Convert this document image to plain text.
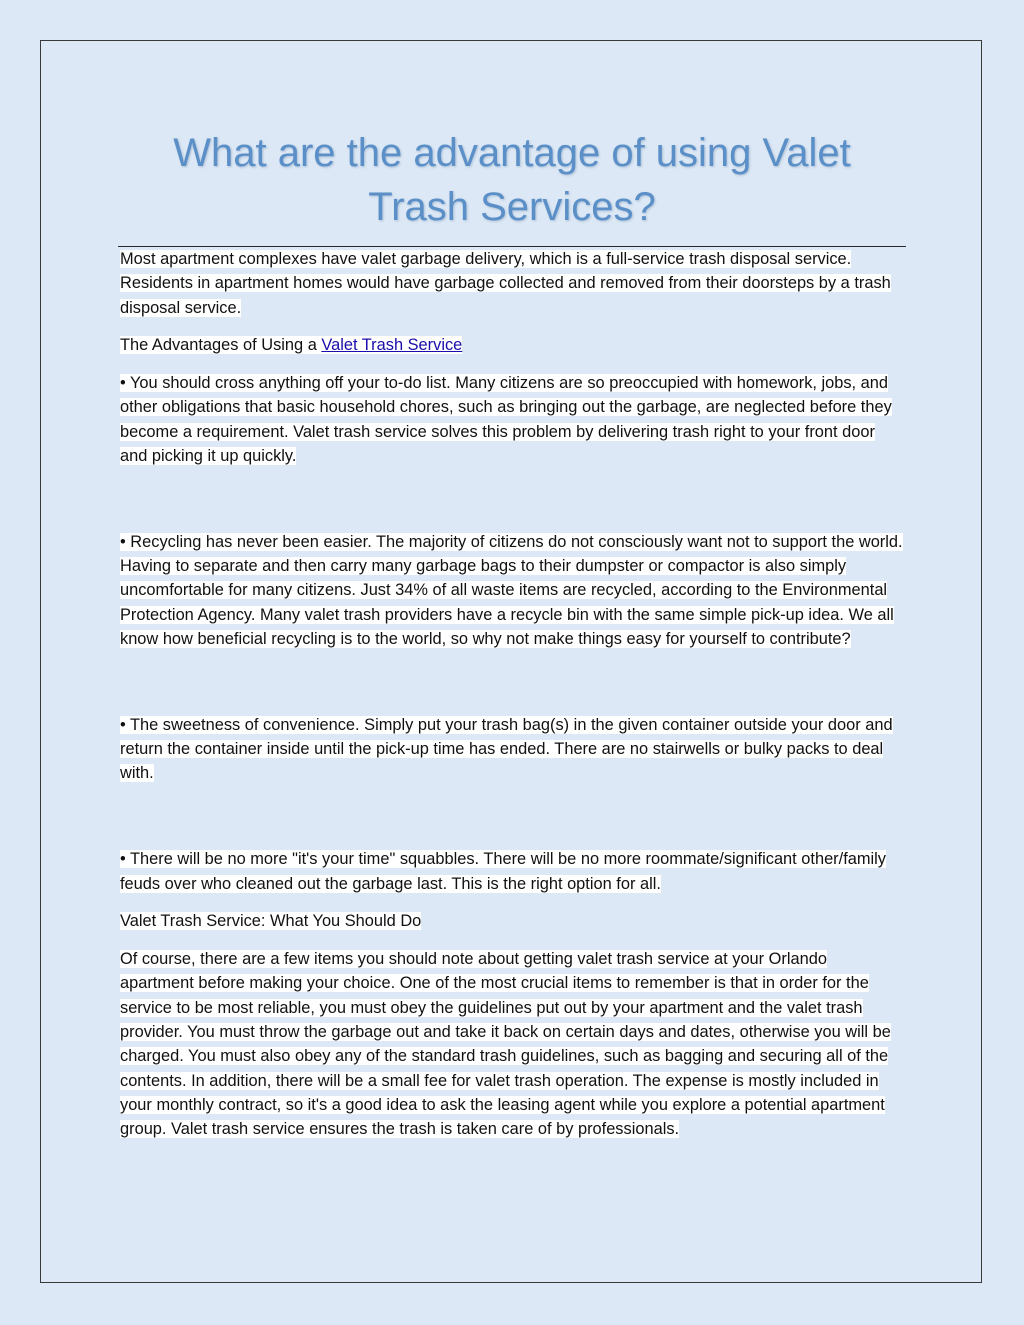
What are the advantage of using Valet Trash Services?

Most apartment complexes have valet garbage delivery, which is a full-service trash disposal service. Residents in apartment homes would have garbage collected and removed from their doorsteps by a trash disposal service.

The Advantages of Using a Valet Trash Service

• You should cross anything off your to-do list. Many citizens are so preoccupied with homework, jobs, and other obligations that basic household chores, such as bringing out the garbage, are neglected before they become a requirement. Valet trash service solves this problem by delivering trash right to your front door and picking it up quickly.

• Recycling has never been easier. The majority of citizens do not consciously want not to support the world. Having to separate and then carry many garbage bags to their dumpster or compactor is also simply uncomfortable for many citizens. Just 34% of all waste items are recycled, according to the Environmental Protection Agency. Many valet trash providers have a recycle bin with the same simple pick-up idea. We all know how beneficial recycling is to the world, so why not make things easy for yourself to contribute?

• The sweetness of convenience. Simply put your trash bag(s) in the given container outside your door and return the container inside until the pick-up time has ended. There are no stairwells or bulky packs to deal with.

• There will be no more "it's your time" squabbles. There will be no more roommate/significant other/family feuds over who cleaned out the garbage last. This is the right option for all.

Valet Trash Service: What You Should Do

Of course, there are a few items you should note about getting valet trash service at your Orlando apartment before making your choice. One of the most crucial items to remember is that in order for the service to be most reliable, you must obey the guidelines put out by your apartment and the valet trash provider. You must throw the garbage out and take it back on certain days and dates, otherwise you will be charged. You must also obey any of the standard trash guidelines, such as bagging and securing all of the contents. In addition, there will be a small fee for valet trash operation. The expense is mostly included in your monthly contract, so it's a good idea to ask the leasing agent while you explore a potential apartment group. Valet trash service ensures the trash is taken care of by professionals.
